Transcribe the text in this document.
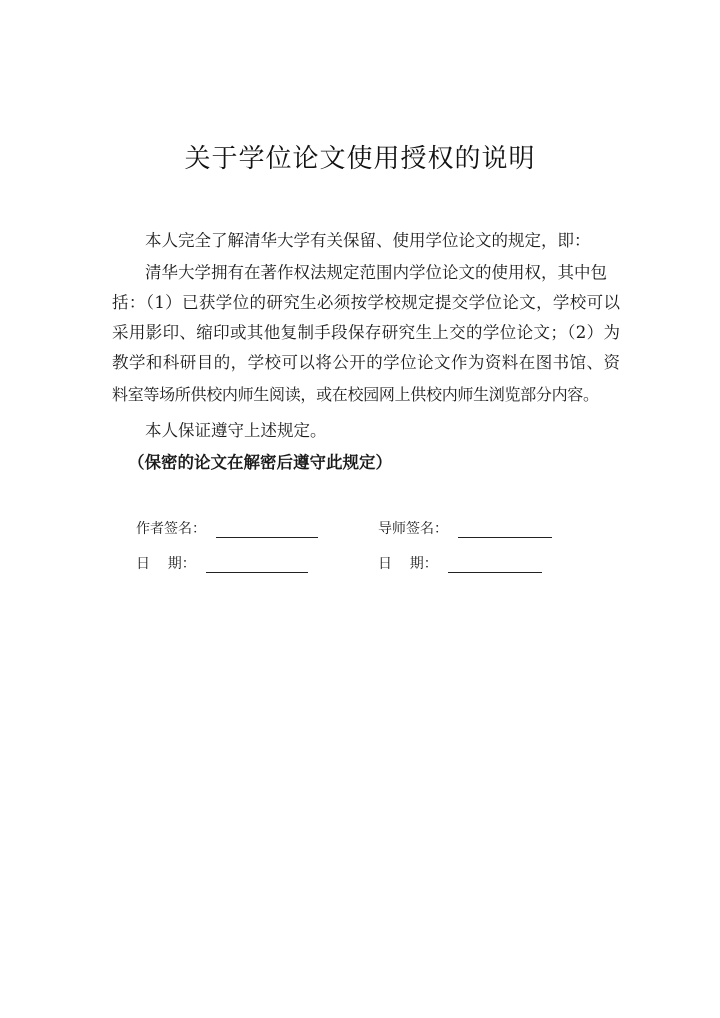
关于学位论文使用授权的说明
本人完全了解清华大学有关保留、使用学位论文的规定，即：
清华大学拥有在著作权法规定范围内学位论文的使用权，其中包
括：（1）已获学位的研究生必须按学校规定提交学位论文，学校可以
采用影印、缩印或其他复制手段保存研究生上交的学位论文；（2）为
教学和科研目的，学校可以将公开的学位论文作为资料在图书馆、资
料室等场所供校内师生阅读，或在校园网上供校内师生浏览部分内容。
本人保证遵守上述规定。
（保密的论文在解密后遵守此规定）
作者签名：	导师签名：
日    期：	日    期：
